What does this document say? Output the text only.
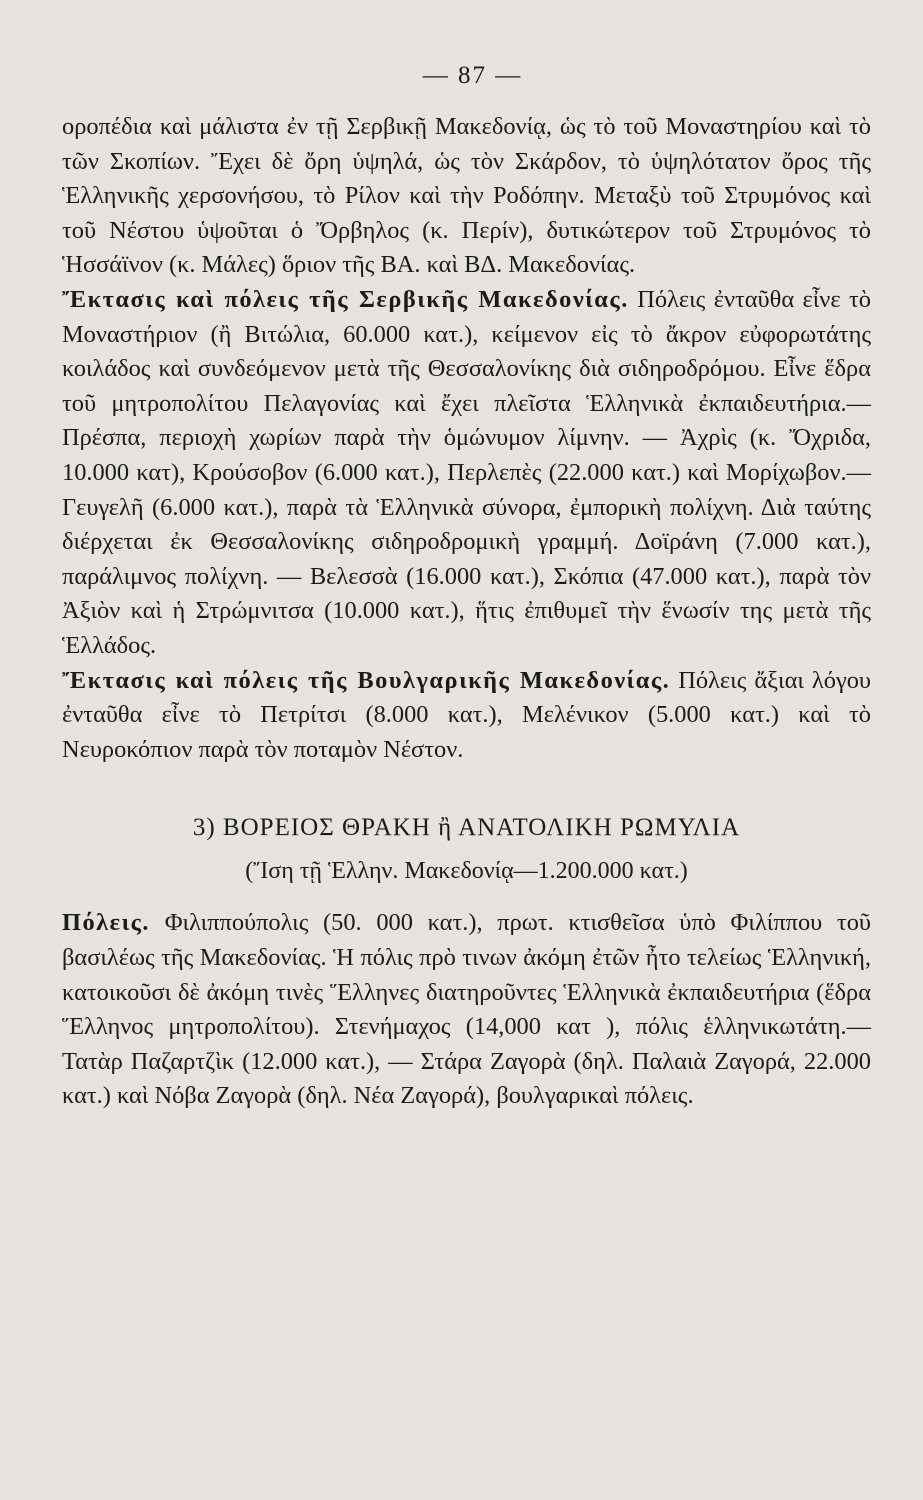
— 87 —

οροπέδια καὶ μάλιστα ἐν τῇ Σερβικῇ Μακεδονίᾳ, ὡς τὸ τοῦ Μοναστηρίου καὶ τὸ τῶν Σκοπίων. Ἔχει δὲ ὄρη ὑψηλά, ὡς τὸν Σκάρδον, τὸ ὑψηλότατον ὄρος τῆς Ἑλληνικῆς χερσονήσου, τὸ Ρίλον καὶ τὴν Ροδόπην. Μεταξὺ τοῦ Στρυμόνος καὶ τοῦ Νέστου ὑψοῦται ὁ Ὄρβηλος (κ. Περίν), δυτικώτερον τοῦ Στρυμόνος τὸ Ἡσσάϊνον (κ. Μάλες) ὅριον τῆς ΒΑ. καὶ ΒΔ. Μακεδονίας.

Ἔκτασις καὶ πόλεις τῆς Σερβικῆς Μακεδονίας. Πόλεις ἐνταῦθα εἶνε τὸ Μοναστήριον (ἢ Βιτώλια, 60.000 κατ.), κείμενον εἰς τὸ ἄκρον εὐφορωτάτης κοιλάδος καὶ συνδεόμενον μετὰ τῆς Θεσσαλονίκης διὰ σιδηροδρόμου. Εἶνε ἕδρα τοῦ μητροπολίτου Πελαγονίας καὶ ἔχει πλεῖστα Ἑλληνικὰ ἐκπαιδευτήρια.—Πρέσπα, περιοχὴ χωρίων παρὰ τὴν ὁμώνυμον λίμνην. — Ἀχρὶς (κ. Ὄχριδα, 10.000 κατ), Κρούσοβον (6.000 κατ.), Περλεπὲς (22.000 κατ.) καὶ Μορίχωβον.—Γευγελῆ (6.000 κατ.), παρὰ τὰ Ἑλληνικὰ σύνορα, ἐμπορικὴ πολίχνη. Διὰ ταύτης διέρχεται ἐκ Θεσσαλονίκης σιδηροδρομικὴ γραμμή. Δοϊράνη (7.000 κατ.), παράλιμνος πολίχνη. — Βελεσσὰ (16.000 κατ.), Σκόπια (47.000 κατ.), παρὰ τὸν Ἀξιὸν καὶ ἡ Στρώμνιτσα (10.000 κατ.), ἥτις ἐπιθυμεῖ τὴν ἕνωσίν της μετὰ τῆς Ἑλλάδος.

Ἔκτασις καὶ πόλεις τῆς Βουλγαρικῆς Μακεδονίας. Πόλεις ἄξιαι λόγου ἐνταῦθα εἶνε τὸ Πετρίτσι (8.000 κατ.), Μελένικον (5.000 κατ.) καὶ τὸ Νευροκόπιον παρὰ τὸν ποταμὸν Νέστον.

3) ΒΟΡΕΙΟΣ ΘΡΑΚΗ ἢ ΑΝΑΤΟΛΙΚΗ ΡΩΜΥΛΙΑ
(Ἴση τῇ Ἑλλην. Μακεδονίᾳ—1.200.000 κατ.)

Πόλεις. Φιλιππούπολις (50. 000 κατ.), πρωτ. κτισθεῖσα ὑπὸ Φιλίππου τοῦ βασιλέως τῆς Μακεδονίας. Ἡ πόλις πρὸ τινων ἀκόμη ἐτῶν ἦτο τελείως Ἑλληνική, κατοικοῦσι δὲ ἀκόμη τινὲς Ἕλληνες διατηροῦντες Ἑλληνικὰ ἐκπαιδευτήρια (ἕδρα Ἕλληνος μητροπολίτου). Στενήμαχος (14,000 κατ ), πόλις ἑλληνικωτάτη.— Τατὰρ Παζαρτζὶκ (12.000 κατ.), — Στάρα Ζαγορὰ (δηλ. Παλαιὰ Ζαγορά, 22.000 κατ.) καὶ Νόβα Ζαγορὰ (δηλ. Νέα Ζαγορά), βουλγαρικαὶ πόλεις.
